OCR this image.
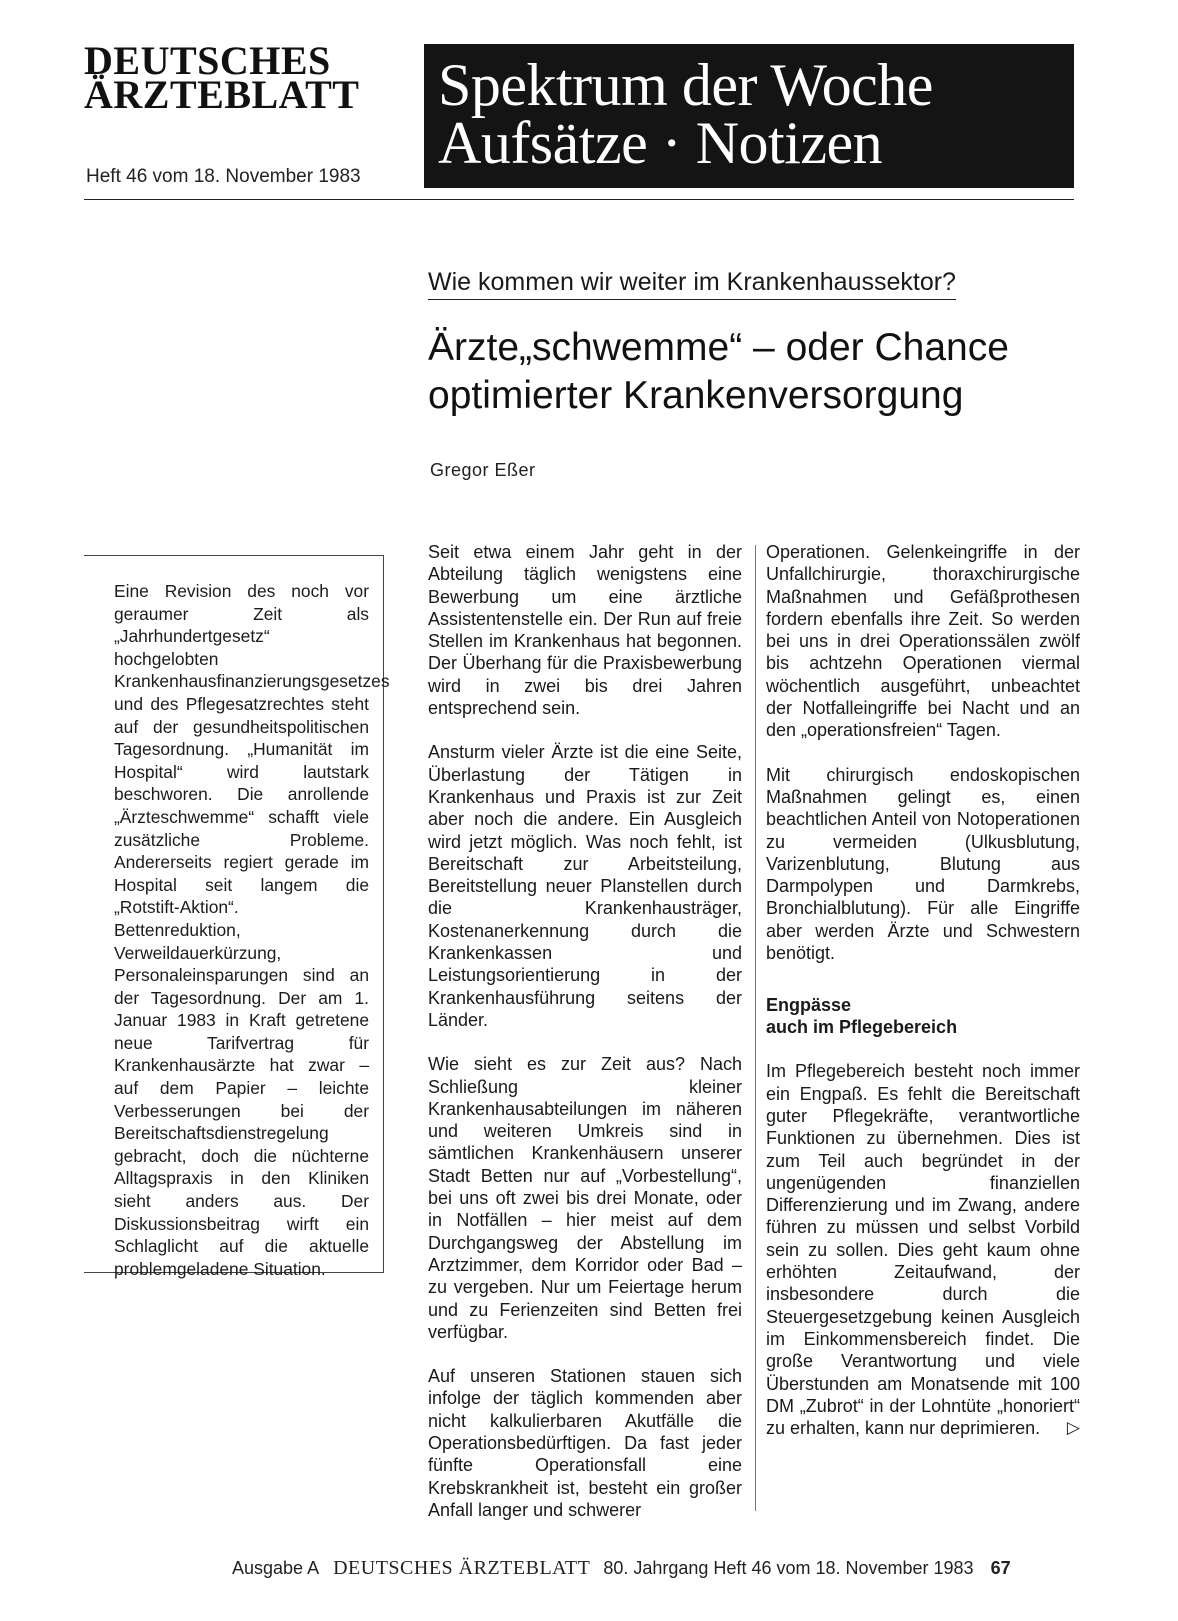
DEUTSCHES
ÄRZTEBLATT
Heft 46 vom 18. November 1983
Spektrum der Woche
Aufsätze · Notizen
Wie kommen wir weiter im Krankenhaussektor?
Ärzte„schwemme“ – oder Chance
optimierter Krankenversorgung
Gregor Eßer

Eine Revision des noch vor geraumer Zeit als „Jahrhundertgesetz“ hochgelobten Krankenhausfinanzierungsgesetzes und des Pflegesatzrechtes steht auf der gesundheitspolitischen Tagesordnung. „Humanität im Hospital“ wird lautstark beschworen. Die anrollende „Ärzteschwemme“ schafft viele zusätzliche Probleme. Andererseits regiert gerade im Hospital seit langem die „Rotstift-Aktion“. Bettenreduktion, Verweildauerkürzung, Personaleinsparungen sind an der Tagesordnung. Der am 1. Januar 1983 in Kraft getretene neue Tarifvertrag für Krankenhausärzte hat zwar – auf dem Papier – leichte Verbesserungen bei der Bereitschaftsdienstregelung gebracht, doch die nüchterne Alltagspraxis in den Kliniken sieht anders aus. Der Diskussionsbeitrag wirft ein Schlaglicht auf die aktuelle problemgeladene Situation.

Seit etwa einem Jahr geht in der Abteilung täglich wenigstens eine Bewerbung um eine ärztliche Assistentenstelle ein. Der Run auf freie Stellen im Krankenhaus hat begonnen. Der Überhang für die Praxisbewerbung wird in zwei bis drei Jahren entsprechend sein.

Ansturm vieler Ärzte ist die eine Seite, Überlastung der Tätigen in Krankenhaus und Praxis ist zur Zeit aber noch die andere. Ein Ausgleich wird jetzt möglich. Was noch fehlt, ist Bereitschaft zur Arbeitsteilung, Bereitstellung neuer Planstellen durch die Krankenhausträger, Kostenanerkennung durch die Krankenkassen und Leistungsorientierung in der Krankenhausführung seitens der Länder.

Wie sieht es zur Zeit aus? Nach Schließung kleiner Krankenhausabteilungen im näheren und weiteren Umkreis sind in sämtlichen Krankenhäusern unserer Stadt Betten nur auf „Vorbestellung“, bei uns oft zwei bis drei Monate, oder in Notfällen – hier meist auf dem Durchgangsweg der Abstellung im Arztzimmer, dem Korridor oder Bad – zu vergeben. Nur um Feiertage herum und zu Ferienzeiten sind Betten frei verfügbar.

Auf unseren Stationen stauen sich infolge der täglich kommenden aber nicht kalkulierbaren Akutfälle die Operationsbedürftigen. Da fast jeder fünfte Operationsfall eine Krebskrankheit ist, besteht ein großer Anfall langer und schwerer

Operationen. Gelenkeingriffe in der Unfallchirurgie, thoraxchirurgische Maßnahmen und Gefäßprothesen fordern ebenfalls ihre Zeit. So werden bei uns in drei Operationssälen zwölf bis achtzehn Operationen viermal wöchentlich ausgeführt, unbeachtet der Notfalleingriffe bei Nacht und an den „operationsfreien“ Tagen.

Mit chirurgisch endoskopischen Maßnahmen gelingt es, einen beachtlichen Anteil von Notoperationen zu vermeiden (Ulkusblutung, Varizenblutung, Blutung aus Darmpolypen und Darmkrebs, Bronchialblutung). Für alle Eingriffe aber werden Ärzte und Schwestern benötigt.

Engpässe
auch im Pflegebereich

Im Pflegebereich besteht noch immer ein Engpaß. Es fehlt die Bereitschaft guter Pflegekräfte, verantwortliche Funktionen zu übernehmen. Dies ist zum Teil auch begründet in der ungenügenden finanziellen Differenzierung und im Zwang, andere führen zu müssen und selbst Vorbild sein zu sollen. Dies geht kaum ohne erhöhten Zeitaufwand, der insbesondere durch die Steuergesetzgebung keinen Ausgleich im Einkommensbereich findet. Die große Verantwortung und viele Überstunden am Monatsende mit 100 DM „Zubrot“ in der Lohntüte „honoriert“ zu erhalten, kann nur deprimieren. ▷

Ausgabe A DEUTSCHES ÄRZTEBLATT 80. Jahrgang Heft 46 vom 18. November 1983 67
